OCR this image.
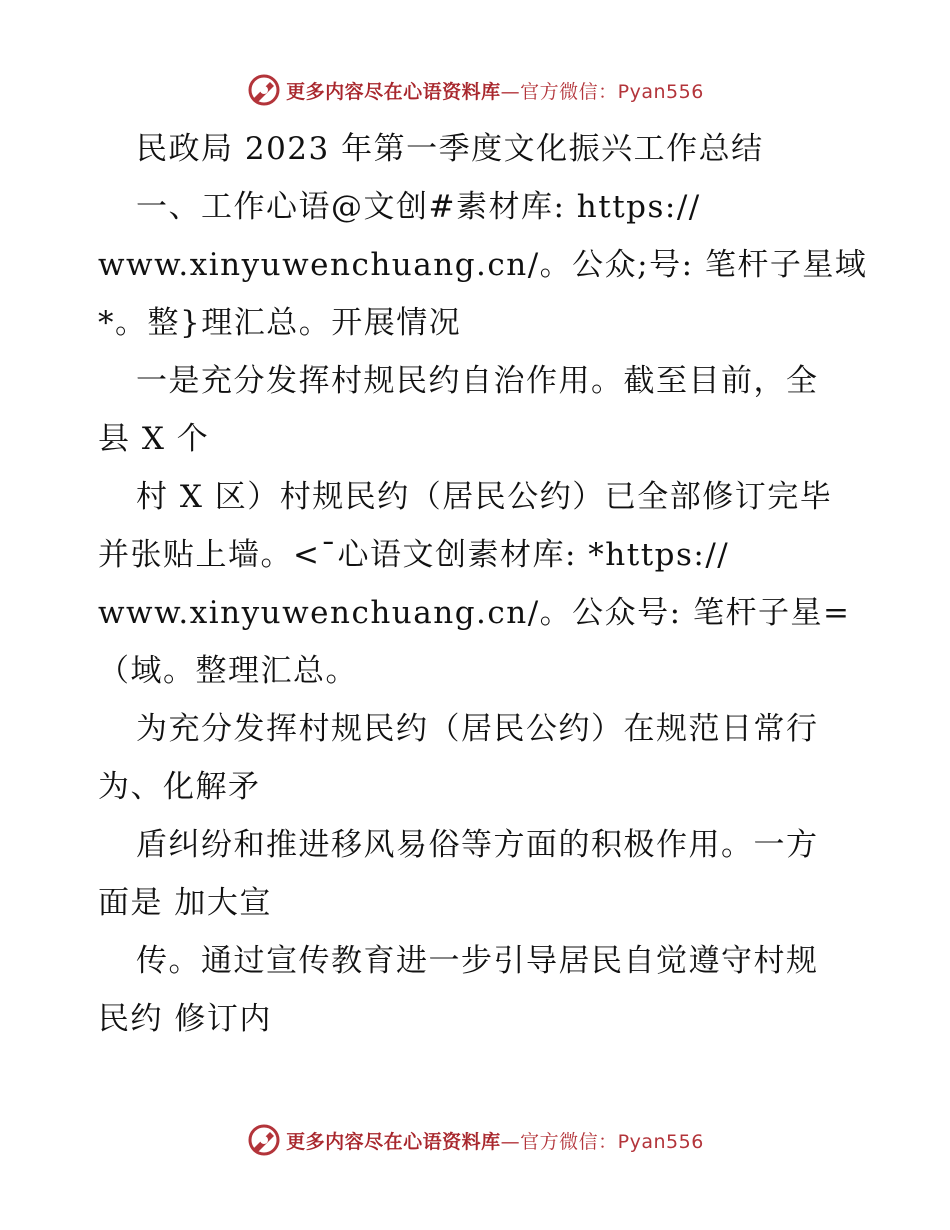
更多内容尽在心语资料库—官方微信：Pyan556
民政局 2023 年第一季度文化振兴工作总结
一、工作心语@文创#素材库: https://
www.xinyuwenchuang.cn/。公众;号: 笔杆子星域
*。整}理汇总。开展情况
一是充分发挥村规民约自治作用。截至目前，全
县 X 个
村 X 区）村规民约（居民公约）已全部修订完毕
并张贴上墙。<¯心语文创素材库: *https://
www.xinyuwenchuang.cn/。公众号: 笔杆子星=
（域。整理汇总。
为充分发挥村规民约（居民公约）在规范日常行
为、化解矛
盾纠纷和推进移风易俗等方面的积极作用。一方
面是 加大宣
传。通过宣传教育进一步引导居民自觉遵守村规
民约 修订内
更多内容尽在心语资料库—官方微信：Pyan556
